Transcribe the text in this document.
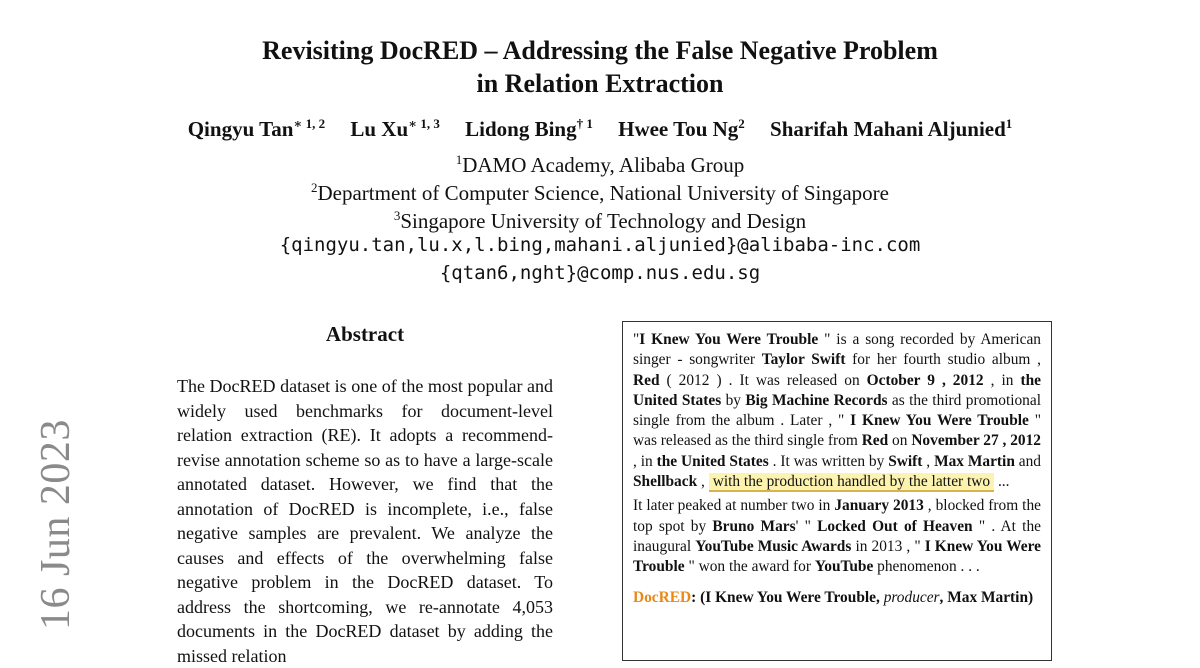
16 Jun 2023
Revisiting DocRED – Addressing the False Negative Problem
in Relation Extraction
Qingyu Tan$^{∗ 1, 2}$ Lu $Xu^{∗ 1, 3}$ Lidong Bing$^{\dagger 1}$ Hwee Tou Ng$^2$ Sharifah Mahani Aljunied$^1$
$^1$DAMO Academy, Alibaba Group
$^2$Department of Computer Science, National University of Singapore
$^3$Singapore University of Technology and Design
{qingyu.tan,lu.x,l.bing,mahani.aljunied}@alibaba-inc.com
{qtan6,nght}@comp.nus.edu.sg
Abstract

The DocRED dataset is one of the most popular and widely used benchmarks for document-level relation extraction (RE). It adopts a recommend-revise annotation scheme so as to have a large-scale annotated dataset. However, we find that the annotation of DocRED is incomplete, i.e., false negative samples are prevalent. We analyze the causes and effects of the overwhelming false negative problem in the DocRED dataset. To address the shortcoming, we re-annotate 4,053 documents in the DocRED dataset by adding the missed relation

"I Knew You Were Trouble " is a song recorded by American singer - songwriter Taylor Swift for her fourth studio album , Red ( 2012 ) . It was released on October 9 , 2012 , in the United States by Big Machine Records as the third promotional single from the album . Later , " I Knew You Were Trouble " was released as the third single from Red on November 27 , 2012 , in the United States . It was written by Swift , Max Martin and Shellback , with the production handled by the latter two ...

It later peaked at number two in January 2013 , blocked from the top spot by Bruno Mars' " Locked Out of Heaven " . At the inaugural YouTube Music Awards in 2013 , " I Knew You Were Trouble " won the award for YouTube phenomenon . . .

DocRED: (I Knew You Were Trouble, producer, Max Martin)
